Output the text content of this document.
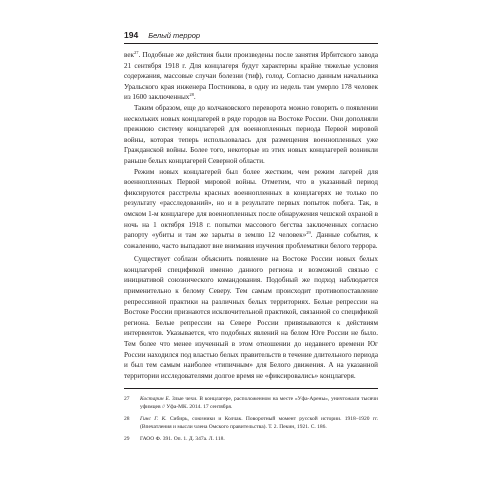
194 Белый террор

век$^{27}$. Подобные же действия были произведены после занятия Ирбитского завода 21 сентября 1918 г. Для концлагеря будут характерны крайне тяжелые условия содержания, массовые случаи болезни (тиф), голод. Согласно данным начальника Уральского края инженера Постникова, в одну из недель там умерло 178 человек из 1600 заключенных$^{28}$.

Таким образом, еще до колчаковского переворота можно говорить о появлении нескольких новых концлагерей в ряде городов на Востоке России. Они дополняли прежнюю систему концлагерей для военнопленных периода Первой мировой войны, которая теперь использовалась для размещения военнопленных уже Гражданской войны. Более того, некоторые из этих новых концлагерей возникли раньше белых концлагерей Северной области.

Режим новых концлагерей был более жестким, чем режим лагерей для военнопленных Первой мировой войны. Отметим, что в указанный период фиксируются расстрелы красных военнопленных в концлагерях не только по результату «расследований», но и в результате первых попыток побега. Так, в омском 1-м концлагере для военнопленных после обнаружения чешской охраной в ночь на 1 октября 1918 г. попытки массового бегства заключенных согласно рапорту «убиты и там же зарыты в землю 12 человек»$^{29}$. Данные события, к сожалению, часто выпадают вне внимания изучения проблематики белого террора.

Существует соблазн объяснить появление на Востоке России новых белых концлагерей спецификой именно данного региона и возможной связью с инициативой союзнического командования. Подобный же подход наблюдается применительно к белому Северу. Тем самым происходит противопоставление репрессивной практики на различных белых территориях. Белые репрессии на Востоке России признаются исключительной практикой, связанной со спецификой региона. Белые репрессии на Севере России привязываются к действиям интервентов. Указывается, что подобных явлений на белом Юге России не было. Тем более что менее изученный в этом отношении до недавнего времени Юг России находился под властью белых правительств в течение длительного периода и был тем самым наиболее «типичным» для Белого движения. А на указанной территории исследователями долгое время не «фиксировались» концлагеря.

27	Костарин Е. Злые чехи. В концлагере, расположенном на месте «Уфа-Арены», уничтожали тысячи уфимцев // Уфа-МК. 2014. 17 сентября.
28	Гинс Г. К. Сибирь, союзники и Колчак. Поворотный момент русской истории. 1918–1920 гг. (Впечатления и мысли члена Омского правительства). Т. 2. Пекин, 1921. С. 186.
29	ГАОО Ф. 391. Оп. 1. Д. 347а. Л. 118.
